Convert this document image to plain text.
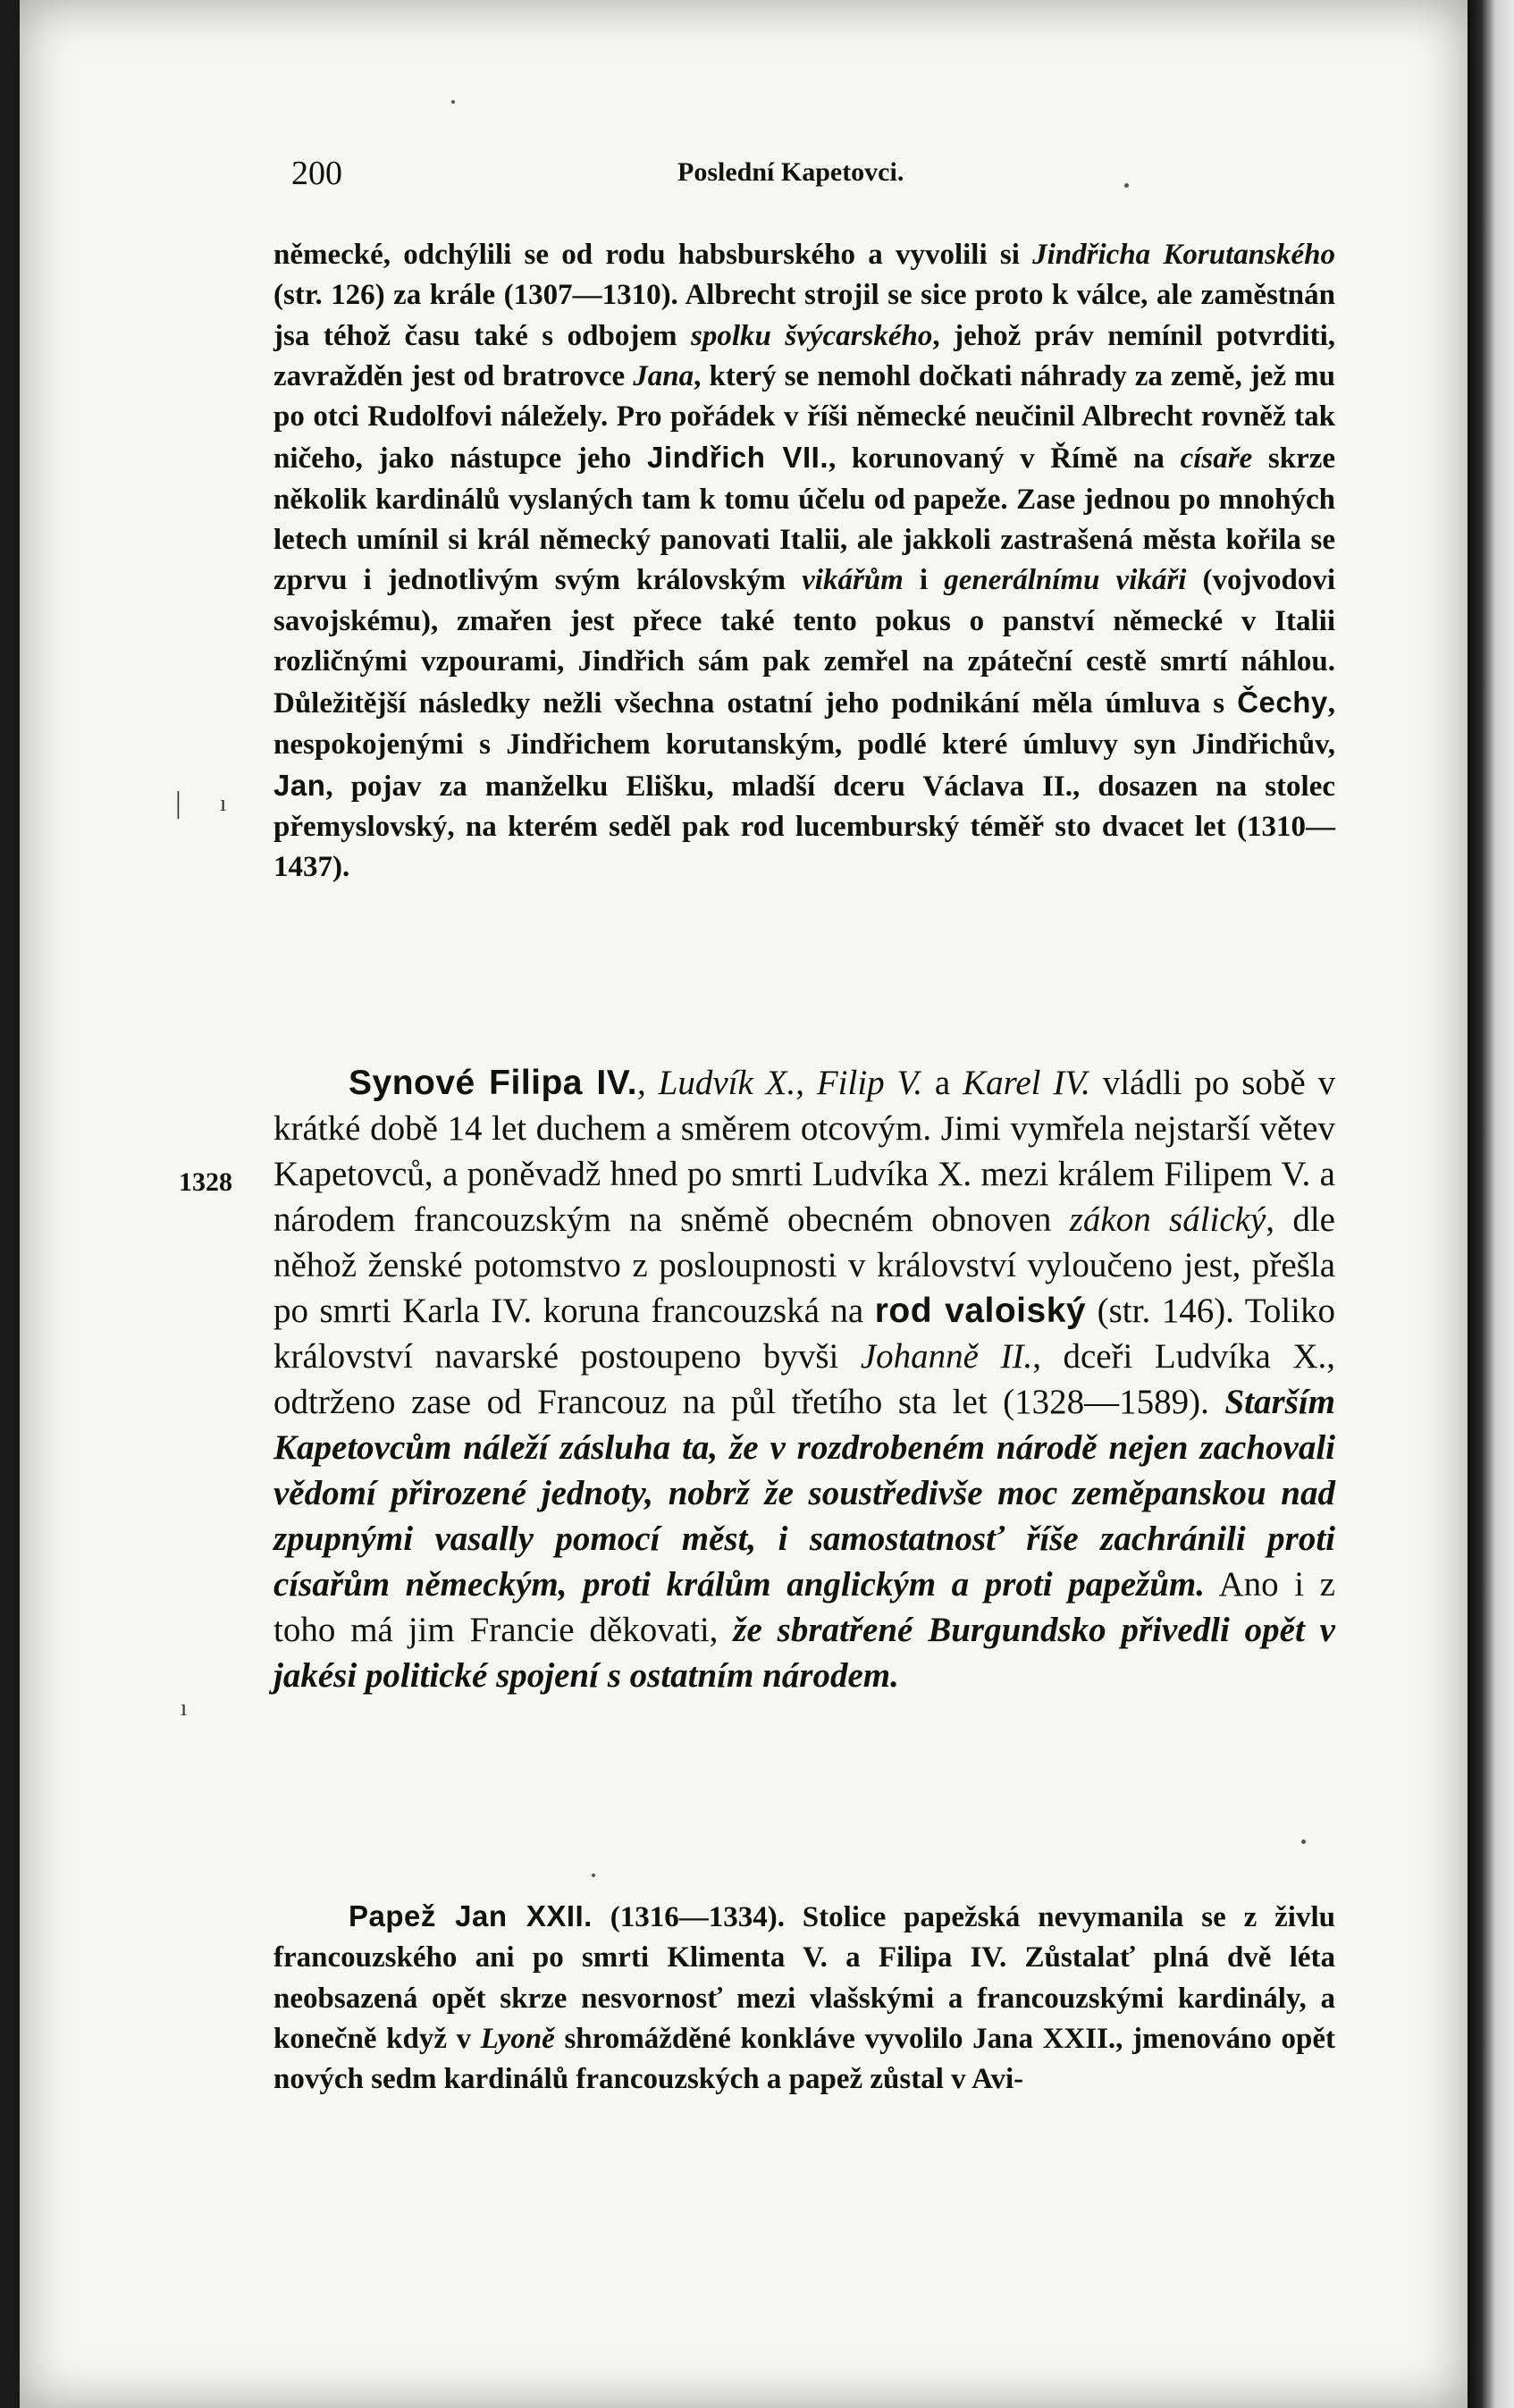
200	Poslední Kapetovci.

německé, odchýlili se od rodu habsburského a vyvolili si Jindřicha Korutanského (str. 126) za krále (1307—1310). Albrecht strojil se sice proto k válce, ale zaměstnán jsa téhož času také s odbojem spolku švýcarského, jehož práv nemínil potvrditi, zavražděn jest od bratrovce Jana, který se nemohl dočkati náhrady za země, jež mu po otci Rudolfovi náležely. Pro pořádek v říši německé neučinil Albrecht rovněž tak ničeho, jako nástupce jeho Jindřich VII., korunovaný v Římě na císaře skrze několik kardinálů vyslaných tam k tomu účelu od papeže. Zase jednou po mnohých letech umínil si král německý panovati Italii, ale jakkoli zastrašená města kořila se zprvu i jednotlivým svým královským vikářům i generálnímu vikáři (vojvodovi savojskému), zmařen jest přece také tento pokus o panství německé v Italii rozličnými vzpourami, Jindřich sám pak zemřel na zpáteční cestě smrtí náhlou. Důležitější následky nežli všechna ostatní jeho podnikání měla úmluva s Čechy, nespokojenými s Jindřichem korutanským, podlé které úmluvy syn Jindřichův, Jan, pojav za manželku Elišku, mladší dceru Václava II., dosazen na stolec přemyslovský, na kterém seděl pak rod lucemburský téměř sto dvacet let (1310—1437).

1328

Synové Filipa IV., Ludvík X., Filip V. a Karel IV. vládli po sobě v krátké době 14 let duchem a směrem otcovým. Jimi vymřela nejstarší větev Kapetovců, a poněvadž hned po smrti Ludvíka X. mezi králem Filipem V. a národem francouzským na sněmě obecném obnoven zákon sálický, dle něhož ženské potomstvo z posloupnosti v království vyloučeno jest, přešla po smrti Karla IV. koruna francouzská na rod valoiský (str. 146). Toliko království navarské postoupeno byvši Johanně II., dceři Ludvíka X., odtrženo zase od Francouz na půl třetího sta let (1328—1589). Starším Kapetovcům náleží zásluha ta, že v rozdrobeném národě nejen zachovali vědomí přirozené jednoty, nobrž že soustředivše moc zeměpanskou nad zpupnými vasally pomocí měst, i samostatnosť říše zachránili proti císařům německým, proti králům anglickým a proti papežům. Ano i z toho má jim Francie děkovati, že sbratřené Burgundsko přivedli opět v jakési politické spojení s ostatním národem.

Papež Jan XXII. (1316—1334). Stolice papežská nevymanila se z živlu francouzského ani po smrti Klimenta V. a Filipa IV. Zůstalať plná dvě léta neobsazená opět skrze nesvornosť mezi vlašskými a francouzskými kardinály, a konečně když v Lyoně shromážděné konkláve vyvolilo Jana XXII., jmenováno opět nových sedm kardinálů francouzských a papež zůstal v Avi-

| ı
ı
